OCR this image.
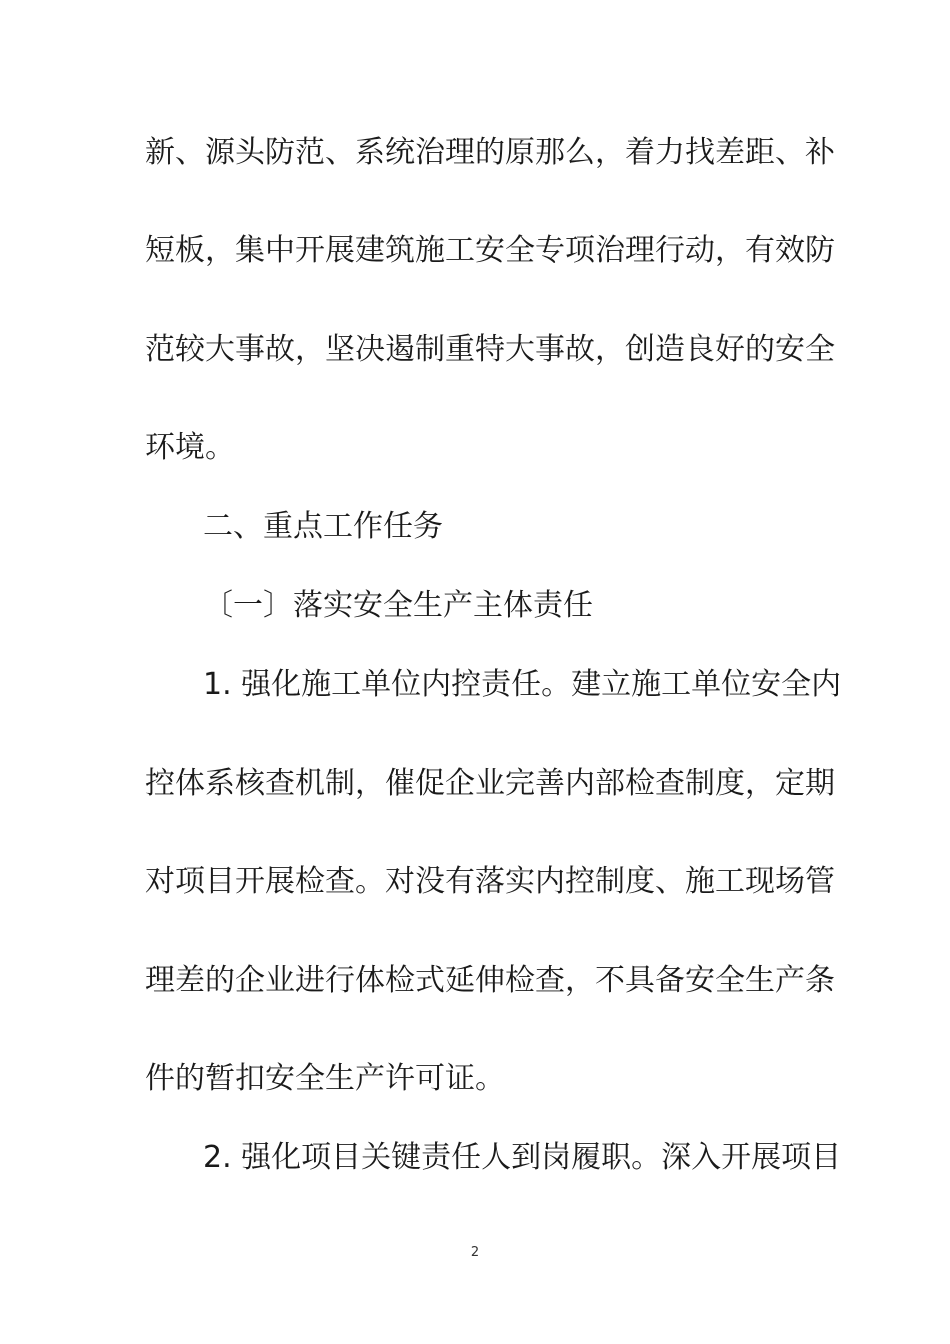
新、源头防范、系统治理的原那么，着力找差距、补
短板，集中开展建筑施工安全专项治理行动，有效防
范较大事故，坚决遏制重特大事故，创造良好的安全
环境。
二、重点工作任务
〔一〕落实安全生产主体责任
1. 强化施工单位内控责任。建立施工单位安全内
控体系核查机制，催促企业完善内部检查制度，定期
对项目开展检查。对没有落实内控制度、施工现场管
理差的企业进行体检式延伸检查，不具备安全生产条
件的暂扣安全生产许可证。
2. 强化项目关键责任人到岗履职。深入开展项目
2
